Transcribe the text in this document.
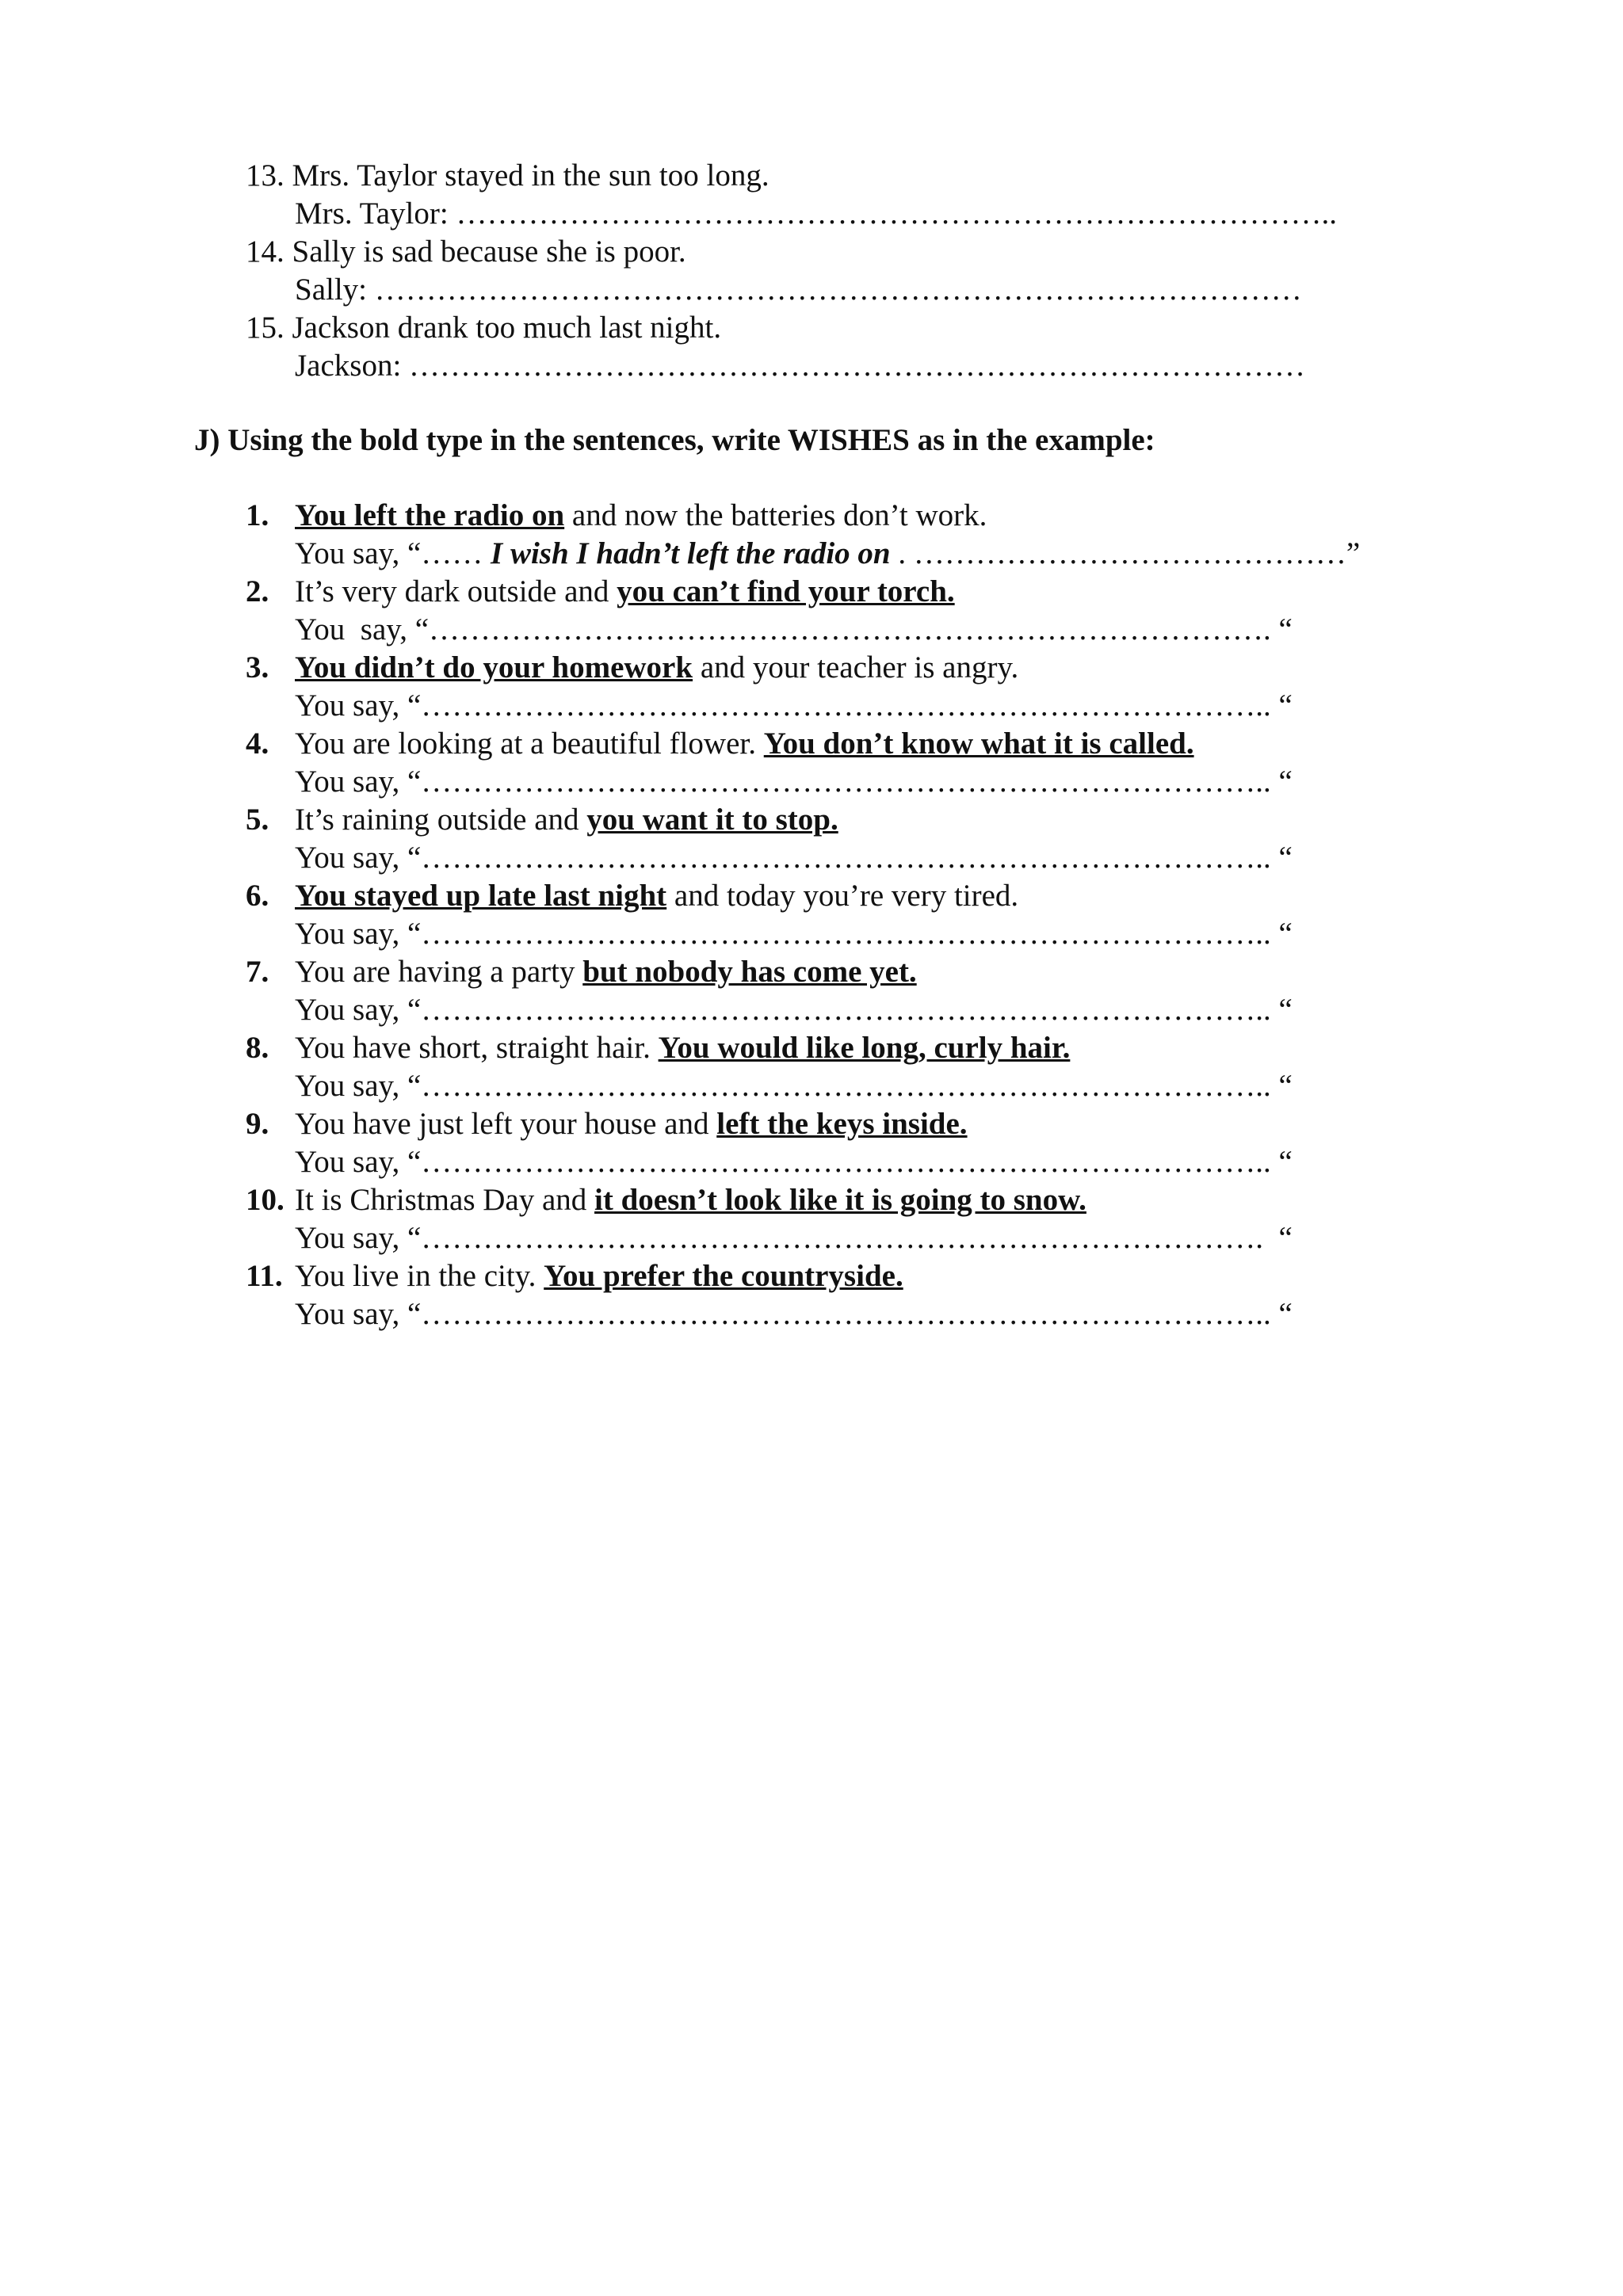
13. Mrs. Taylor stayed in the sun too long.
Mrs. Taylor: …………………………………………………………………………..
14. Sally is sad because she is poor.
Sally: ………………………………………………………………………………
15. Jackson drank too much last night.
Jackson: ……………………………………………………………………………
J) Using the bold type in the sentences, write WISHES as in the example:
1. You left the radio on and now the batteries don’t work.
You say, “…… I wish I hadn’t left the radio on . ……………………………………”
2. It’s very dark outside and you can’t find your torch.
You  say, “………………………………………………………………………. “
3. You didn’t do your homework and your teacher is angry.
You say, “……………………………………………………………………….. “
4. You are looking at a beautiful flower. You don’t know what it is called.
You say, “……………………………………………………………………….. “
5. It’s raining outside and you want it to stop.
You say, “……………………………………………………………………….. “
6. You stayed up late last night and today you’re very tired.
You say, “……………………………………………………………………….. “
7. You are having a party but nobody has come yet.
You say, “……………………………………………………………………….. “
8. You have short, straight hair. You would like long, curly hair.
You say, “……………………………………………………………………….. “
9. You have just left your house and left the keys inside.
You say, “……………………………………………………………………….. “
10. It is Christmas Day and it doesn’t look like it is going to snow.
You say, “……………………………………………………………………….  “
11. You live in the city. You prefer the countryside.
You say, “……………………………………………………………………….. “
